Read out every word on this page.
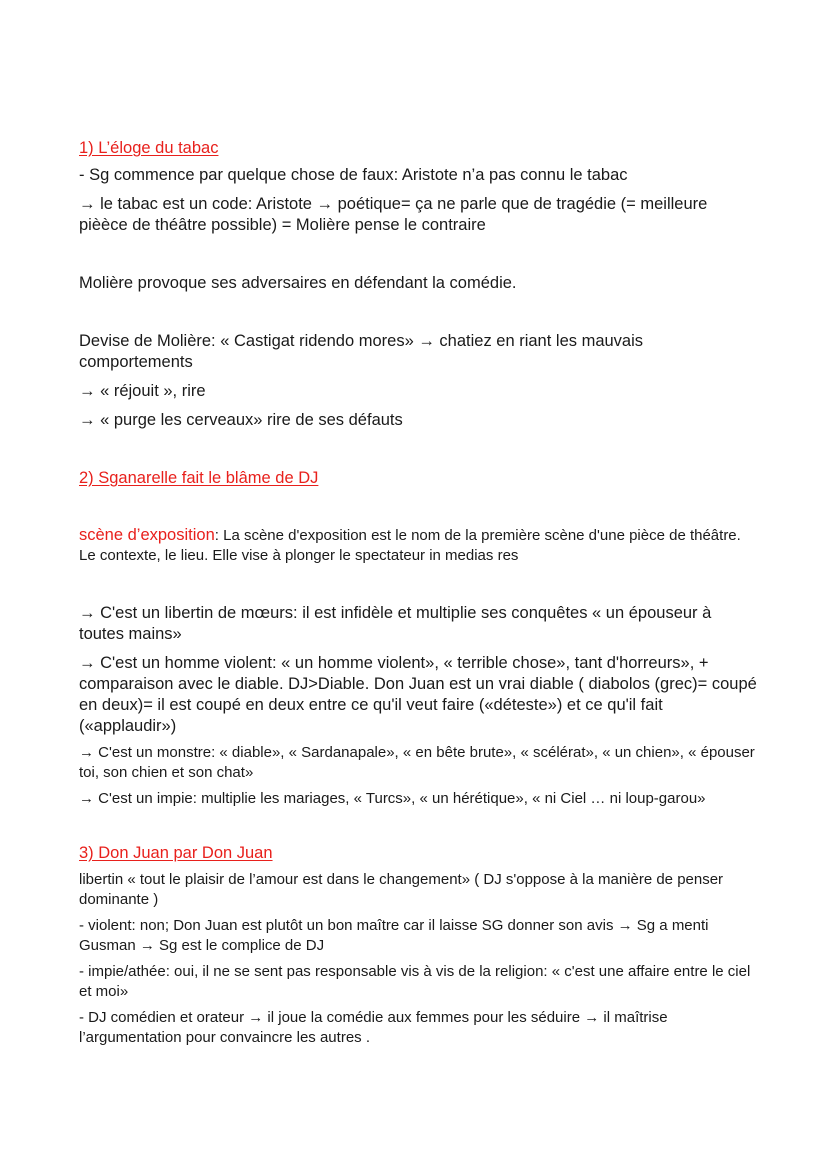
1) L’éloge du tabac

- Sg commence par quelque chose de faux: Aristote n’a pas connu le tabac

→ le tabac est un code: Aristote → poétique= ça ne parle que de tragédie (= meilleure pièèce de théâtre possible) = Molière pense le contraire

Molière provoque ses adversaires en défendant la comédie.

Devise de Molière: « Castigat ridendo mores» → chatiez en riant les mauvais comportements

→ « réjouit », rire

→ « purge les cerveaux» rire de ses défauts

2) Sganarelle fait le blâme de DJ

scène d’exposition: La scène d'exposition est le nom de la première scène d'une pièce de théâtre. Le contexte, le lieu. Elle vise à plonger le spectateur in medias res

→ C'est un libertin de mœurs: il est infidèle et multiplie ses conquêtes « un épouseur à toutes mains»

→ C'est un homme violent: « un homme violent», « terrible chose», tant d'horreurs», + comparaison avec le diable. DJ>Diable. Don Juan est un vrai diable ( diabolos (grec)= coupé en deux)= il est coupé en deux entre ce qu'il veut faire («déteste») et ce qu'il fait («applaudir»)

→ C'est un monstre: « diable», « Sardanapale», « en bête brute», « scélérat», « un chien», « épouser toi, son chien et son chat»

→ C'est un impie: multiplie les mariages, « Turcs», « un hérétique», « ni Ciel … ni loup-garou»

3) Don Juan par Don Juan

libertin « tout le plaisir de l’amour est dans le changement» ( DJ s'oppose à la manière de penser dominante )

- violent: non; Don Juan est plutôt un bon maître car il laisse SG donner son avis → Sg a menti Gusman → Sg est le complice de DJ

- impie/athée: oui, il ne se sent pas responsable vis à vis de la religion: « c'est une affaire entre le ciel et moi»

- DJ comédien et orateur → il joue la comédie aux femmes pour les séduire → il maîtrise l’argumentation pour convaincre les autres .
